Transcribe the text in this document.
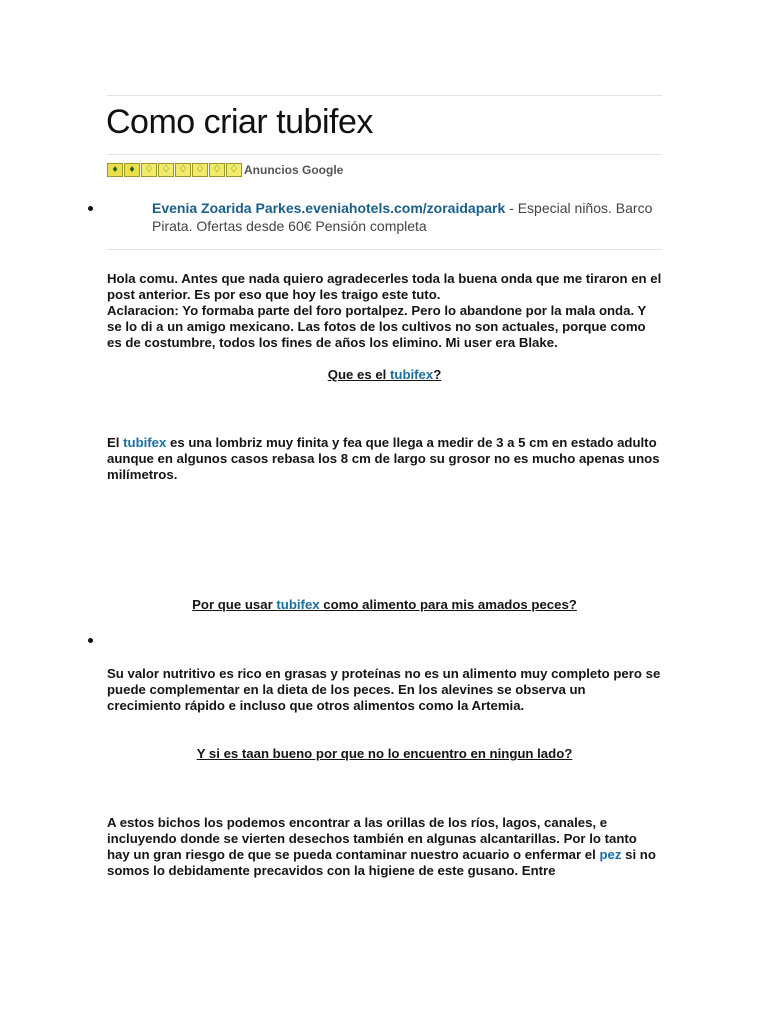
Como criar tubifex
♦	♦ ♢ ♢ ♢ ♢ ♢ ♢ Anuncios Google
Evenia Zoarida Parkes.eveniahotels.com/zoraidapark - Especial niños. Barco Pirata. Ofertas desde 60€ Pensión completa
Hola comu. Antes que nada quiero agradecerles toda la buena onda que me tiraron en el post anterior. Es por eso que hoy les traigo este tuto.
Aclaracion: Yo formaba parte del foro portalpez. Pero lo abandone por la mala onda. Y se lo di a un amigo mexicano. Las fotos de los cultivos no son actuales, porque como es de costumbre, todos los fines de años los elimino. Mi user era Blake.

Que es el tubifex?

El tubifex es una lombriz muy finita y fea que llega a medir de 3 a 5 cm en estado adulto aunque en algunos casos rebasa los 8 cm de largo su grosor no es mucho apenas unos milímetros.

Por que usar tubifex como alimento para mis amados peces?

Su valor nutritivo es rico en grasas y proteínas no es un alimento muy completo pero se puede complementar en la dieta de los peces. En los alevines se observa un crecimiento rápido e incluso que otros alimentos como la Artemia.

Y si es taan bueno por que no lo encuentro en ningun lado?

A estos bichos los podemos encontrar a las orillas de los ríos, lagos, canales, e incluyendo donde se vierten desechos también en algunas alcantarillas. Por lo tanto hay un gran riesgo de que se pueda contaminar nuestro acuario o enfermar el pez si no somos lo debidamente precavidos con la higiene de este gusano. Entre
